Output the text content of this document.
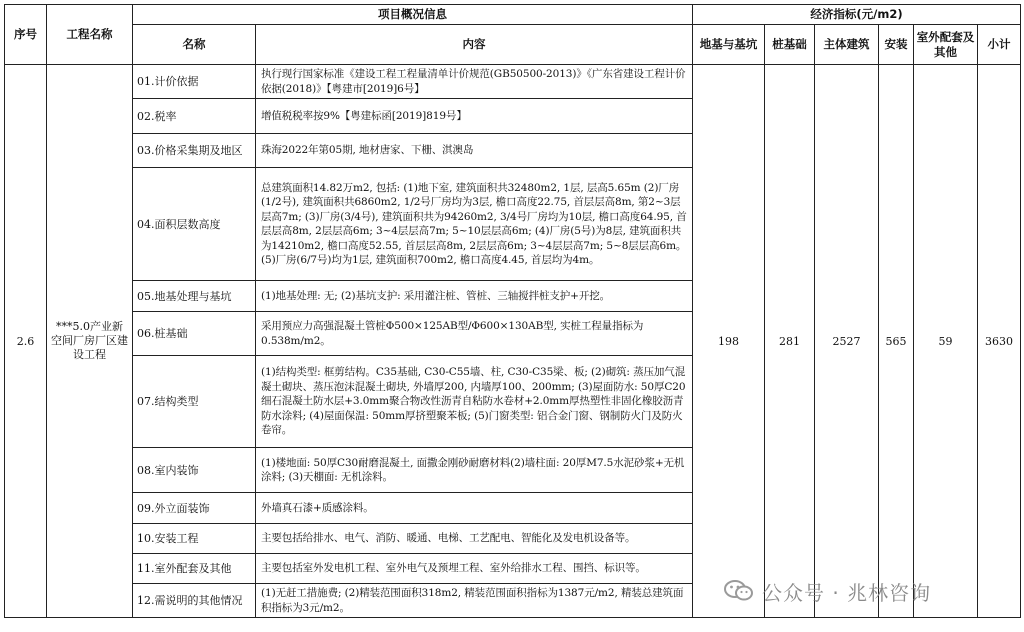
序号	工程名称	项目概况信息		经济指标(元/m2)					
		名称	内容	地基与基坑	桩基础	主体建筑	安装	室外配套及其他	小计
2.6	***5.0产业新空间厂房厂区建设工程	01.计价依据	执行现行国家标准《建设工程工程量清单计价规范(GB50500-2013)》《广东省建设工程计价依据(2018)》【粤建市[2019]6号】	198	281	2527	565	59	3630
		02.税率	增值税税率按9%【粤建标函[2019]819号】						
		03.价格采集期及地区	珠海2022年第05期, 地材唐家、下栅、淇澳岛						
		04.面积层数高度	总建筑面积14.82万m2, 包括: (1)地下室, 建筑面积共32480m2, 1层, 层高5.65m (2)厂房(1/2号), 建筑面积共6860m2, 1/2号厂房均为3层, 檐口高度22.75, 首层层高8m, 第2~3层层高7m; (3)厂房(3/4号), 建筑面积共为94260m2, 3/4号厂房均为10层, 檐口高度64.95, 首层层高8m, 2层层高6m; 3~4层层高7m; 5~10层层高6m; (4)厂房(5号)为8层, 建筑面积共为14210m2, 檐口高度52.55, 首层层高8m, 2层层高6m; 3~4层层高7m; 5~8层层高6m。(5)厂房(6/7号)均为1层, 建筑面积700m2, 檐口高度4.45, 首层均为4m。						
		05.地基处理与基坑	(1)地基处理: 无; (2)基坑支护: 采用灌注桩、管桩、三轴搅拌桩支护+开挖。						
		06.桩基础	采用预应力高强混凝土管桩Φ500×125AB型/Φ600×130AB型, 实桩工程量指标为0.538m/m2。						
		07.结构类型	(1)结构类型: 框剪结构。C35基础, C30-C55墙、柱, C30-C35梁、板; (2)砌筑: 蒸压加气混凝土砌块、蒸压泡沫混凝土砌块, 外墙厚200, 内墙厚100、200mm; (3)屋面防水: 50厚C20细石混凝土防水层+3.0mm聚合物改性沥青自粘防水卷材+2.0mm厚热塑性非固化橡胶沥青防水涂料; (4)屋面保温: 50mm厚挤塑聚苯板; (5)门窗类型: 铝合金门窗、钢制防火门及防火卷帘。						
		08.室内装饰	(1)楼地面: 50厚C30耐磨混凝土, 面撒金刚砂耐磨材料(2)墙柱面: 20厚M7.5水泥砂浆+无机涂料; (3)天棚面: 无机涂料。						
		09.外立面装饰	外墙真石漆+质感涂料。						
		10.安装工程	主要包括给排水、电气、消防、暖通、电梯、工艺配电、智能化及发电机设备等。						
		11.室外配套及其他	主要包括室外发电机工程、室外电气及预埋工程、室外给排水工程、围挡、标识等。						
		12.需说明的其他情况	(1)无赶工措施费; (2)精装范围面积318m2, 精装范围面积指标为1387元/m2, 精装总建筑面积指标为3元/m2。						
公众号 · 兆林咨询
